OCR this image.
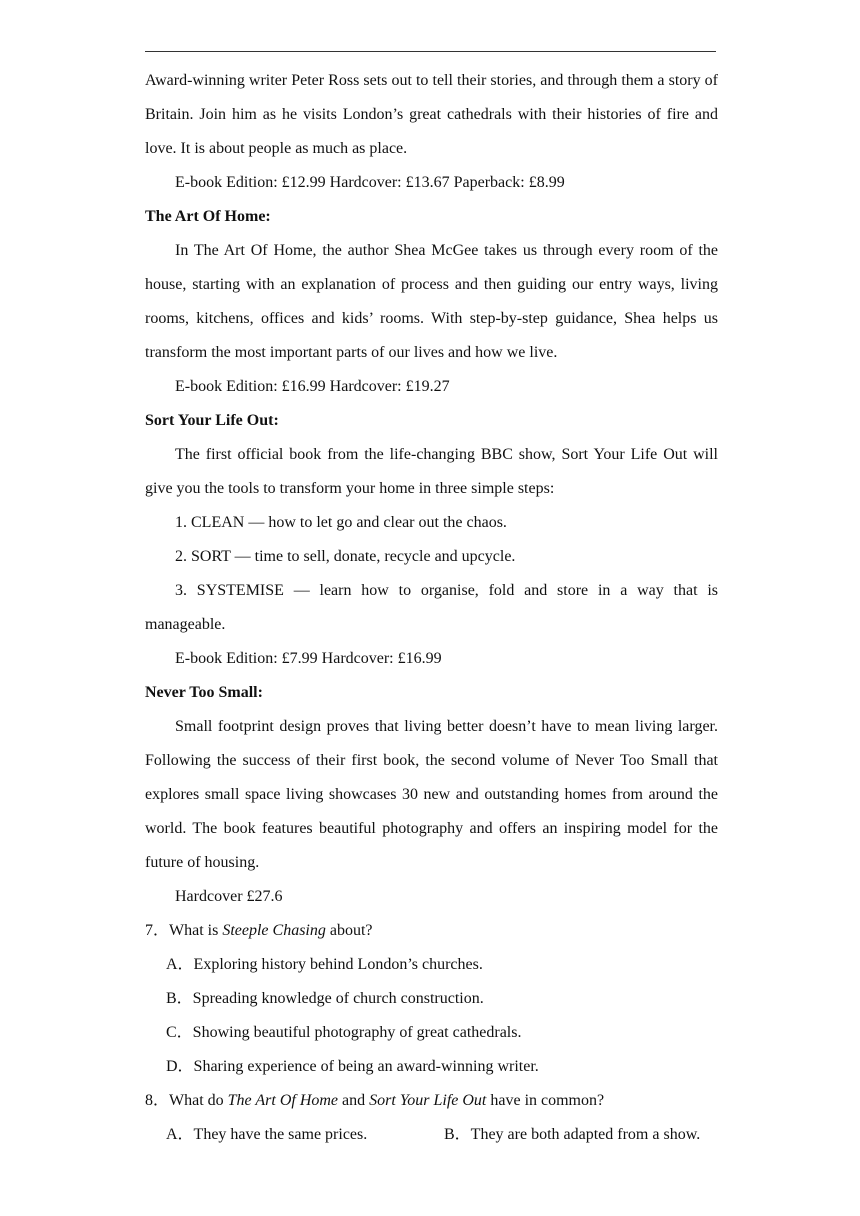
Award-winning writer Peter Ross sets out to tell their stories, and through them a story of Britain. Join him as he visits London’s great cathedrals with their histories of fire and love. It is about people as much as place.
E-book Edition: £12.99 Hardcover: £13.67 Paperback: £8.99
The Art Of Home:
In The Art Of Home, the author Shea McGee takes us through every room of the house, starting with an explanation of process and then guiding our entry ways, living rooms, kitchens, offices and kids’ rooms. With step-by-step guidance, Shea helps us transform the most important parts of our lives and how we live.
E-book Edition: £16.99 Hardcover: £19.27
Sort Your Life Out:
The first official book from the life-changing BBC show, Sort Your Life Out will give you the tools to transform your home in three simple steps:
1. CLEAN — how to let go and clear out the chaos.
2. SORT — time to sell, donate, recycle and upcycle.
3. SYSTEMISE — learn how to organise, fold and store in a way that is manageable.
E-book Edition: £7.99 Hardcover: £16.99
Never Too Small:
Small footprint design proves that living better doesn’t have to mean living larger. Following the success of their first book, the second volume of Never Too Small that explores small space living showcases 30 new and outstanding homes from around the world. The book features beautiful photography and offers an inspiring model for the future of housing.
Hardcover £27.6
7．What is Steeple Chasing about?
A．Exploring history behind London’s churches.
B．Spreading knowledge of church construction.
C．Showing beautiful photography of great cathedrals.
D．Sharing experience of being an award-winning writer.
8．What do The Art Of Home and Sort Your Life Out have in common?
A．They have the same prices.	B．They are both adapted from a show.
